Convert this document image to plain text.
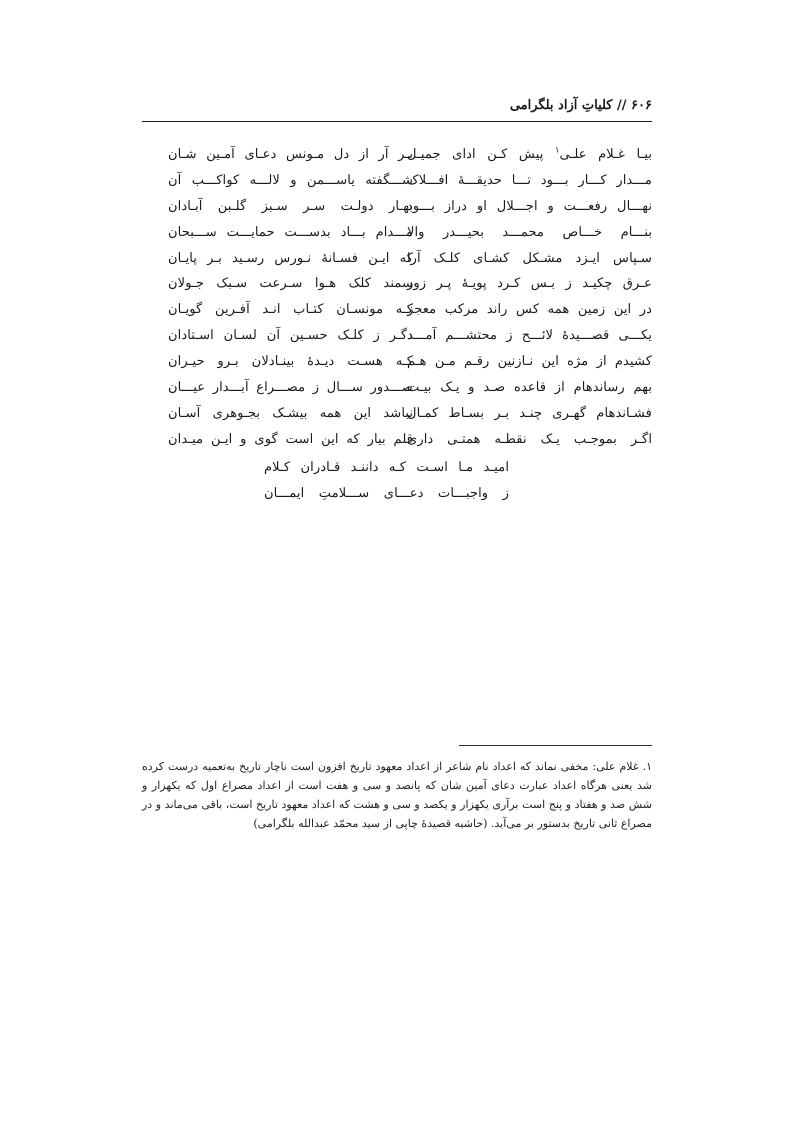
۶۰۶ // کلیاتِ آزاد بلگرامی
بیـا غـلام علـی$^۱$ پیش کـن ادای جمیـل
بـر آر از دل مـونس دعـای آمـین شـان
مـــدار کـــار بـــود تـــا حدیقـــهٔ افـــلاک
شـــگفته یاســـمن و لالـــه کواکـــب آن
نهـــال رفعـــت و اجـــلال او دراز بـــود
بهـار دولـت سـر سـبز گلـبن آبـادان
بنـــام خـــاص محمـــد بحیـــدر والا
مـــدام بـــاد بدســـت حمایـــت ســـبحان
سـپاس ایـزد مشـکل کشـای کلـک آرا
که ایـن فسـانهٔ نـورس رسـید بـر پایـان
عـرق چکیـد ز بـس کـرد پویـهٔ پـر زور
سمند کلک هـوا سـرعت سـبک جـولان
در این زمین همه کس راند مرکب معجز
کـه مونسـان کتـاب انـد آفـرین گویـان
یکـــی قصـــیدهٔ لائـــح ز محتشـــم آمـــد
دگـر ز کلـک حسـین آن لسـان اسـتادان
کشیدم از مژه این نـازنین رقـم مـن هـم
کـه هسـت دیـدهٔ بینـادلان بـرو حیـران
بهم رساندهام از قاعده صـد و یـک بیـت
صـــدور ســـال ز مصـــراع آبـــدار عیـــان
فشـاندهام گهـری چنـد بـر بسـاط کمـال
نباشد این همه بیشـک بجـوهری آسـان
اگـر بموجـب یـک نقطـه همتـی داری
قلم بیار که این است گوی و ایـن میـدان
امیـد مـا اسـت کـه داننـد قـادران کـلام
ز واجبـــات دعـــای ســـلامتِ ایمـــان
۱. غلام علی: مخفی نماند که اعداد نام شاعر از اعداد معهود تاریخ افزون است ناچار تاریخ به‌تعمیه درست کرده شد یعنی هرگاه اعداد عبارت دعای آمین شان که پانصد و سی و هفت است از اعداد مصراع اول که یکهزار و شش صد و هفتاد و پنج است برآری یکهزار و یکصد و سی و هشت که اعداد معهود تاریخ است، باقی می‌ماند و در مصراع ثانی تاریخ بدستور بر می‌آید. (حاشیه قصیدهٔ چاپی از سید محمّد عبدالله بلگرامی)
